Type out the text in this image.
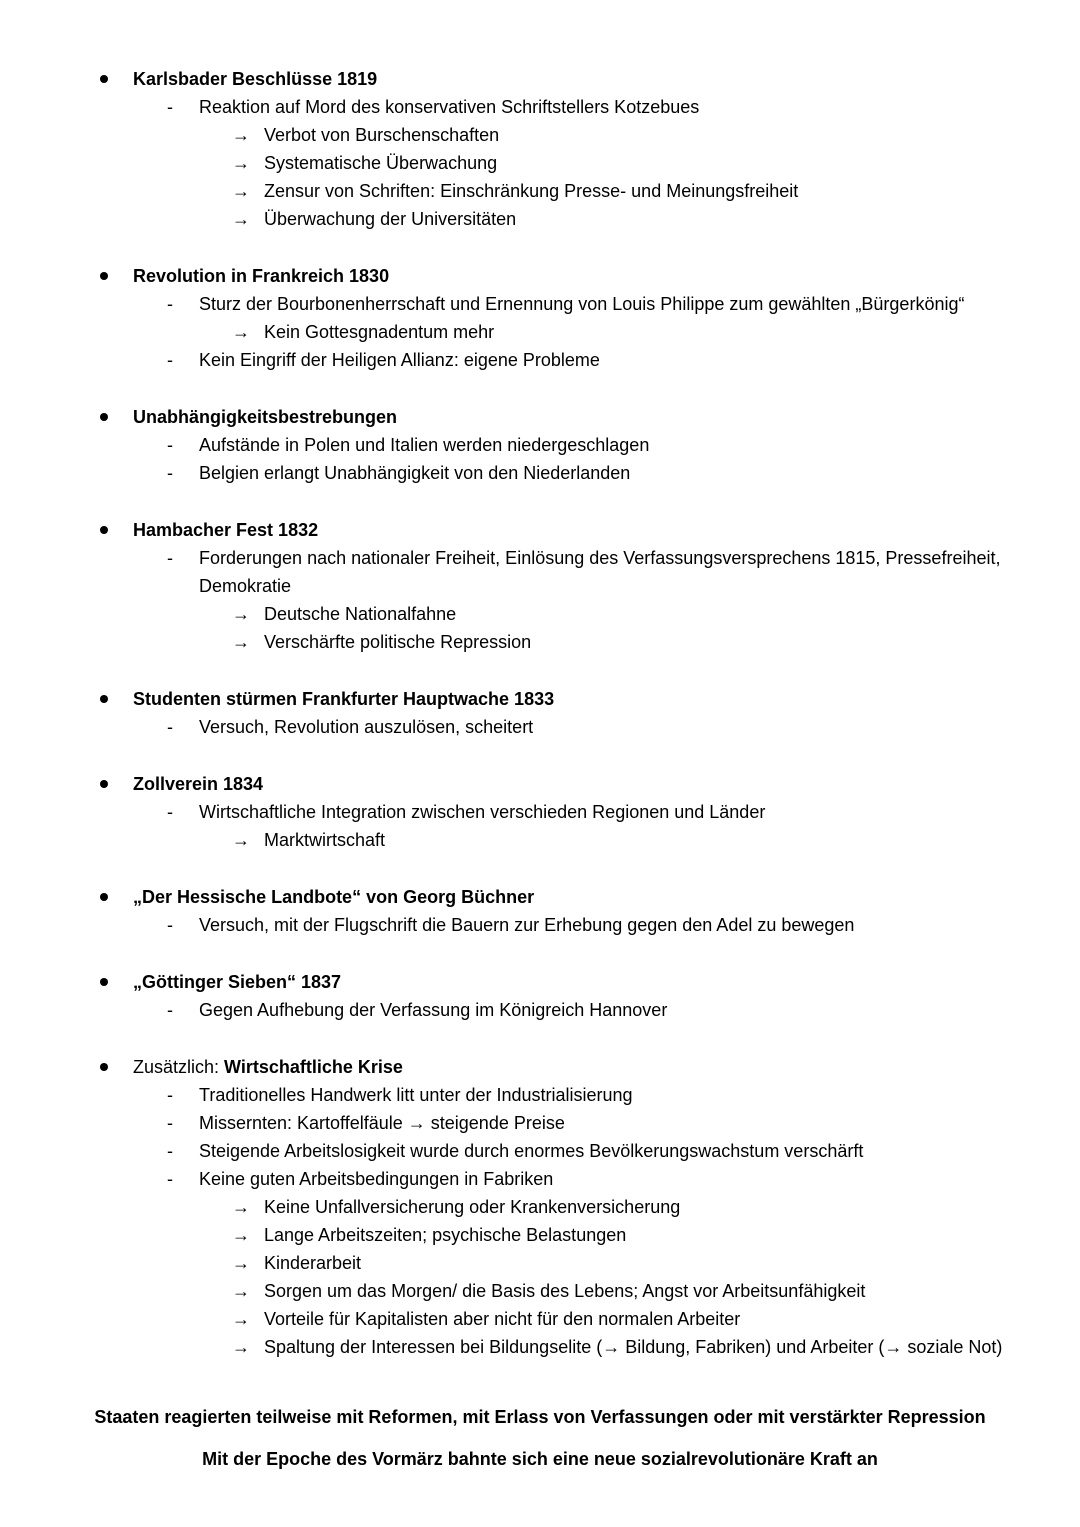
Karlsbader Beschlüsse 1819
- Reaktion auf Mord des konservativen Schriftstellers Kotzebues
→ Verbot von Burschenschaften
→ Systematische Überwachung
→ Zensur von Schriften: Einschränkung Presse- und Meinungsfreiheit
→ Überwachung der Universitäten
Revolution in Frankreich 1830
- Sturz der Bourbonenherrschaft und Ernennung von Louis Philippe zum gewählten „Bürgerkönig“
→ Kein Gottesgnadentum mehr
- Kein Eingriff der Heiligen Allianz: eigene Probleme
Unabhängigkeitsbestrebungen
- Aufstände in Polen und Italien werden niedergeschlagen
- Belgien erlangt Unabhängigkeit von den Niederlanden
Hambacher Fest 1832
- Forderungen nach nationaler Freiheit, Einlösung des Verfassungsversprechens 1815, Pressefreiheit,
Demokratie
→ Deutsche Nationalfahne
→ Verschärfte politische Repression
Studenten stürmen Frankfurter Hauptwache 1833
- Versuch, Revolution auszulösen, scheitert
Zollverein 1834
- Wirtschaftliche Integration zwischen verschieden Regionen und Länder
→ Marktwirtschaft
„Der Hessische Landbote“ von Georg Büchner
- Versuch, mit der Flugschrift die Bauern zur Erhebung gegen den Adel zu bewegen
„Göttinger Sieben“ 1837
- Gegen Aufhebung der Verfassung im Königreich Hannover
Zusätzlich: Wirtschaftliche Krise
- Traditionelles Handwerk litt unter der Industrialisierung
- Missernten: Kartoffelfäule → steigende Preise
- Steigende Arbeitslosigkeit wurde durch enormes Bevölkerungswachstum verschärft
- Keine guten Arbeitsbedingungen in Fabriken
→ Keine Unfallversicherung oder Krankenversicherung
→ Lange Arbeitszeiten; psychische Belastungen
→ Kinderarbeit
→ Sorgen um das Morgen/ die Basis des Lebens; Angst vor Arbeitsunfähigkeit
→ Vorteile für Kapitalisten aber nicht für den normalen Arbeiter
→ Spaltung der Interessen bei Bildungselite (→ Bildung, Fabriken) und Arbeiter (→ soziale Not)
Staaten reagierten teilweise mit Reformen, mit Erlass von Verfassungen oder mit verstärkter Repression
Mit der Epoche des Vormärz bahnte sich eine neue sozialrevolutionäre Kraft an
